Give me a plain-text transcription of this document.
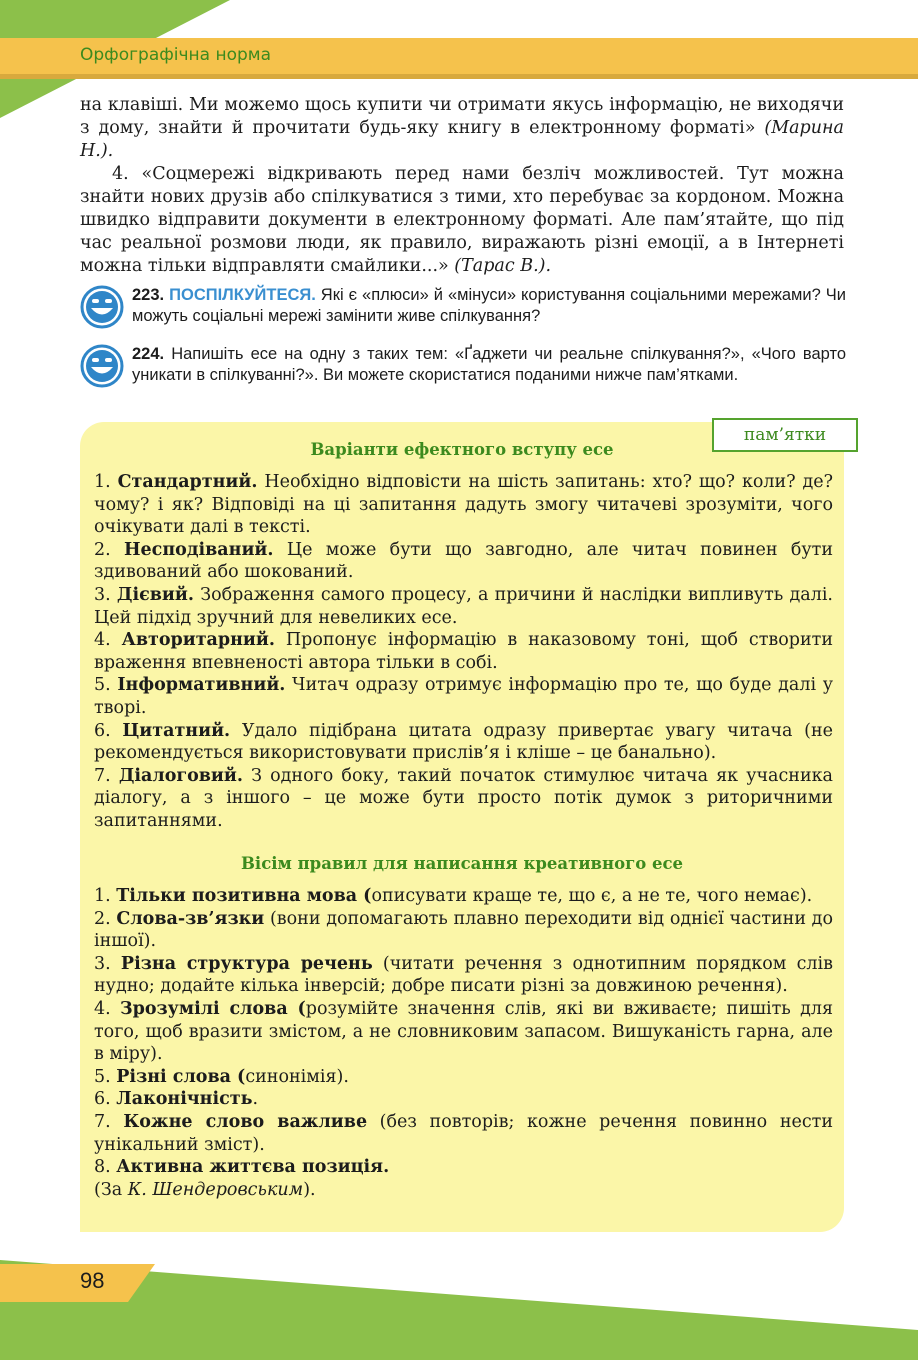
Орфографічна норма

на клавіші. Ми можемо щось купити чи отримати якусь інформацію, не виходячи з дому, знайти й прочитати будь-яку книгу в електронному форматі» (Марина Н.).

4. «Соцмережі відкривають перед нами безліч можливостей. Тут можна знайти нових друзів або спілкуватися з тими, хто перебуває за кордоном. Можна швидко відправити документи в електронному форматі. Але пам’ятайте, що під час реальної розмови люди, як правило, виражають різні емоції, а в Інтернеті можна тільки відправляти смайлики...» (Тарас В.).

223. ПОСПІЛКУЙТЕСЯ. Які є «плюси» й «мінуси» користування соціальними мережами? Чи можуть соціальні мережі замінити живе спілкування?
224. Напишіть есе на одну з таких тем: «Ґаджети чи реальне спілкування?», «Чого варто уникати в спілкуванні?». Ви можете скористатися поданими нижче пам’ятками.
пам’ятки
Варіанти ефектного вступу есе

1. Стандартний. Необхідно відповісти на шість запитань: хто? що? коли? де? чому? і як? Відповіді на ці запитання дадуть змогу читачеві зрозуміти, чого очікувати далі в тексті.

2. Несподіваний. Це може бути що завгодно, але читач повинен бути здивований або шокований.

3. Дієвий. Зображення самого процесу, а причини й наслідки випливуть далі. Цей підхід зручний для невеликих есе.

4. Авторитарний. Пропонує інформацію в наказовому тоні, щоб створити враження впевненості автора тільки в собі.

5. Інформативний. Читач одразу отримує інформацію про те, що буде далі у творі.

6. Цитатний. Удало підібрана цитата одразу привертає увагу читача (не рекомендується використовувати прислів’я і кліше – це банально).

7. Діалоговий. З одного боку, такий початок стимулює читача як учасника діалогу, а з іншого – це може бути просто потік думок з риторичними запитаннями.

Вісім правил для написання креативного есе

1. Тільки позитивна мова (описувати краще те, що є, а не те, чого немає).

2. Слова-зв’язки (вони допомагають плавно переходити від однієї частини до іншої).

3. Різна структура речень (читати речення з однотипним порядком слів нудно; додайте кілька інверсій; добре писати різні за довжиною речення).

4. Зрозумілі слова (розумійте значення слів, які ви вживаєте; пишіть для того, щоб вразити змістом, а не словниковим запасом. Вишуканість гарна, але в міру).

5. Різні слова (синонімія).

6. Лаконічність.

7. Кожне слово важливе (без повторів; кожне речення повинно нести унікальний зміст).

8. Активна життєва позиція.

(За К. Шендеровським).

98
